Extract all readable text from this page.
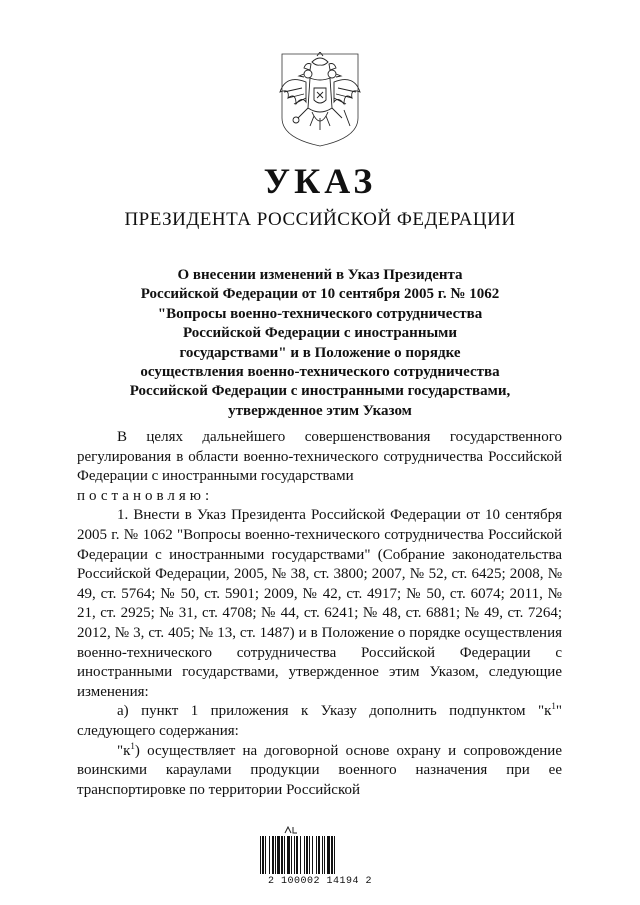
УКАЗ
ПРЕЗИДЕНТА РОССИЙСКОЙ ФЕДЕРАЦИИ
О внесении изменений в Указ Президента
Российской Федерации от 10 сентября 2005 г. № 1062
"Вопросы военно-технического сотрудничества
Российской Федерации с иностранными
государствами" и в Положение о порядке
осуществления военно-технического сотрудничества
Российской Федерации с иностранными государствами,
утвержденное этим Указом

В целях дальнейшего совершенствования государственного регулирования в области военно-технического сотрудничества Российской Федерации с иностранными государствами

постановляю:

1. Внести в Указ Президента Российской Федерации от 10 сентября 2005 г. № 1062 "Вопросы военно-технического сотрудничества Российской Федерации с иностранными государствами" (Собрание законодательства Российской Федерации, 2005, № 38, ст. 3800; 2007, № 52, ст. 6425; 2008, № 49, ст. 5764; № 50, ст. 5901; 2009, № 42, ст. 4917; № 50, ст. 6074; 2011, № 21, ст. 2925; № 31, ст. 4708; № 44, ст. 6241; № 48, ст. 6881; № 49, ст. 7264; 2012, № 3, ст. 405; № 13, ст. 1487) и в Положение о порядке осуществления военно-технического сотрудничества Российской Федерации с иностранными государствами, утвержденное этим Указом, следующие изменения:

а) пункт 1 приложения к Указу дополнить подпунктом "$к^1$" следующего содержания:

"$к^1$) осуществляет на договорной основе охрану и сопровождение воинскими караулами продукции военного назначения при ее транспортировке по территории Российской

2 100002 14194 2
